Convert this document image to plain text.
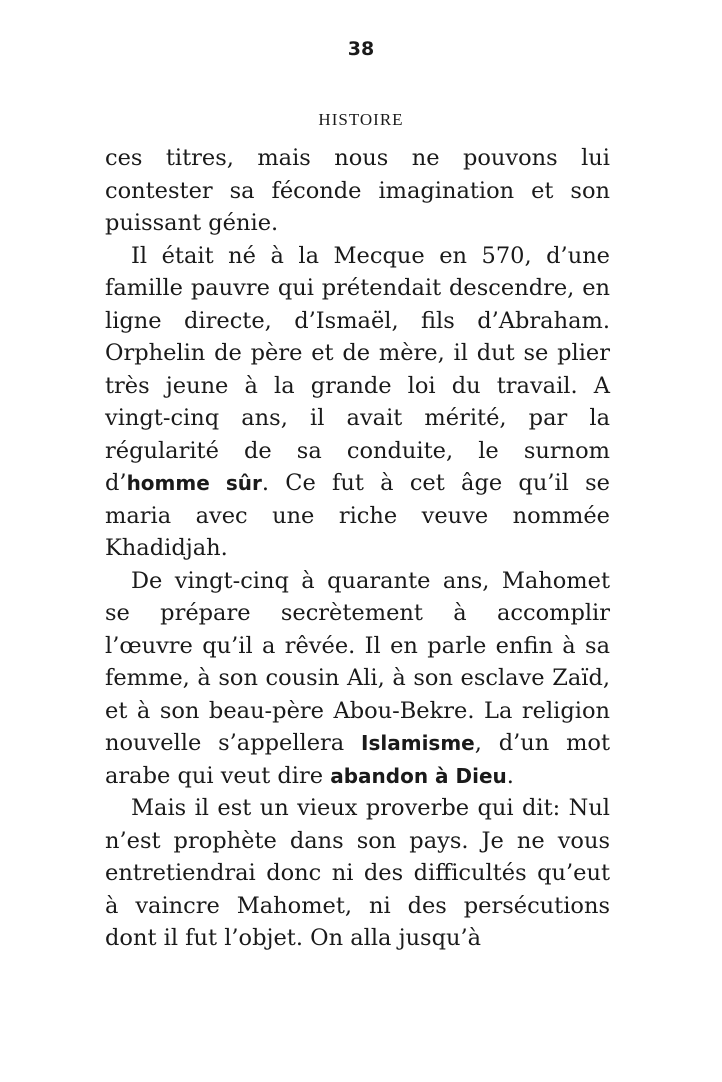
38
HISTOIRE

ces titres, mais nous ne pouvons lui contester sa féconde imagination et son puissant génie.

Il était né à la Mecque en 570, d’une famille pauvre qui prétendait descendre, en ligne directe, d’Ismaël, fils d’Abraham. Orphelin de père et de mère, il dut se plier très jeune à la grande loi du travail. A vingt-cinq ans, il avait mérité, par la régularité de sa conduite, le surnom d’homme sûr. Ce fut à cet âge qu’il se maria avec une riche veuve nommée Khadidjah.

De vingt-cinq à quarante ans, Mahomet se prépare secrètement à accomplir l’œuvre qu’il a rêvée. Il en parle enfin à sa femme, à son cousin Ali, à son esclave Zaïd, et à son beau-père Abou-Bekre. La religion nouvelle s’appellera Islamisme, d’un mot arabe qui veut dire abandon à Dieu.

Mais il est un vieux proverbe qui dit: Nul n’est prophète dans son pays. Je ne vous entretiendrai donc ni des difficultés qu’eut à vaincre Mahomet, ni des persécutions dont il fut l’objet. On alla jusqu’à
